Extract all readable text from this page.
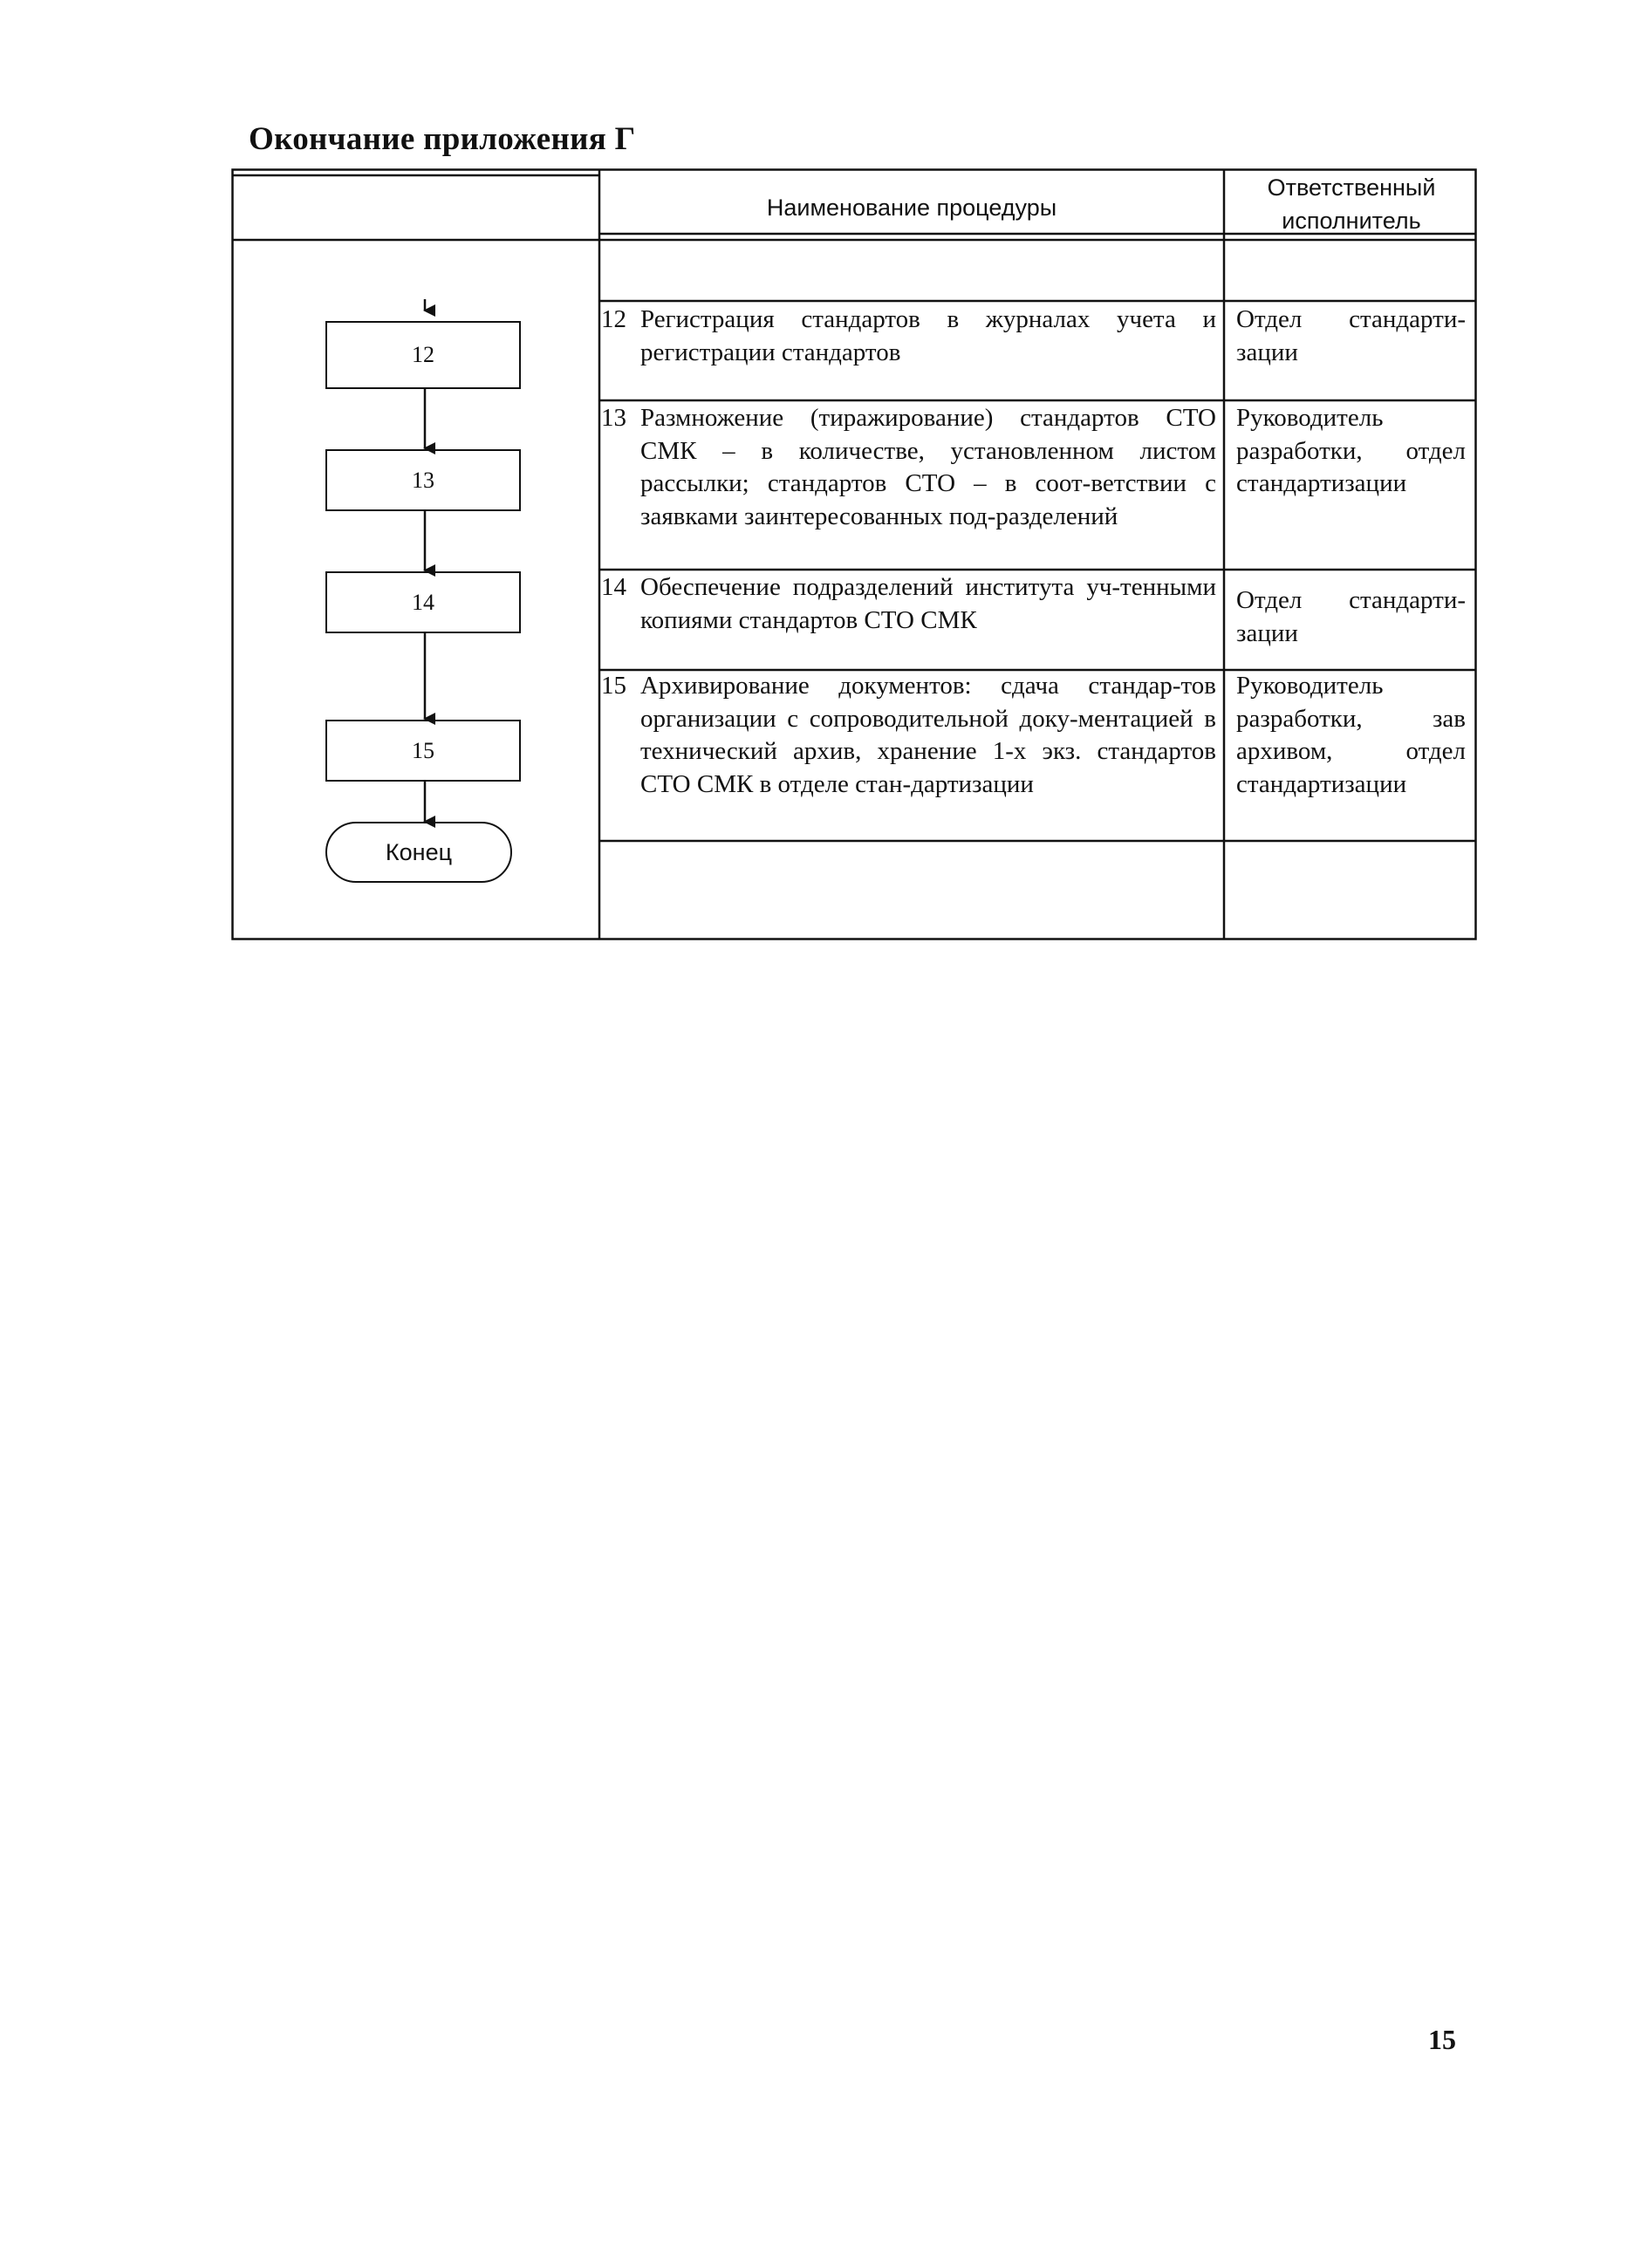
Окончание приложения Г
Наименование процедуры
Ответственный исполнитель
12
13
14
15
Конец
12 Регистрация стандартов в журналах учета и регистрации стандартов
Отдел стандарти-зации
13 Размножение (тиражирование) стандартов СТО СМК – в количестве, установленном листом рассылки; стандартов СТО – в соот-ветствии с заявками заинтересованных под-разделений
Руководитель разработки, отдел стандартизации
14 Обеспечение подразделений института уч-тенными копиями стандартов СТО СМК
Отдел стандарти-зации
15 Архивирование документов: сдача стандар-тов организации с сопроводительной доку-ментацией в технический архив, хранение 1-х экз. стандартов СТО СМК в отделе стан-дартизации
Руководитель разработки, зав архивом, отдел стандартизации
15
